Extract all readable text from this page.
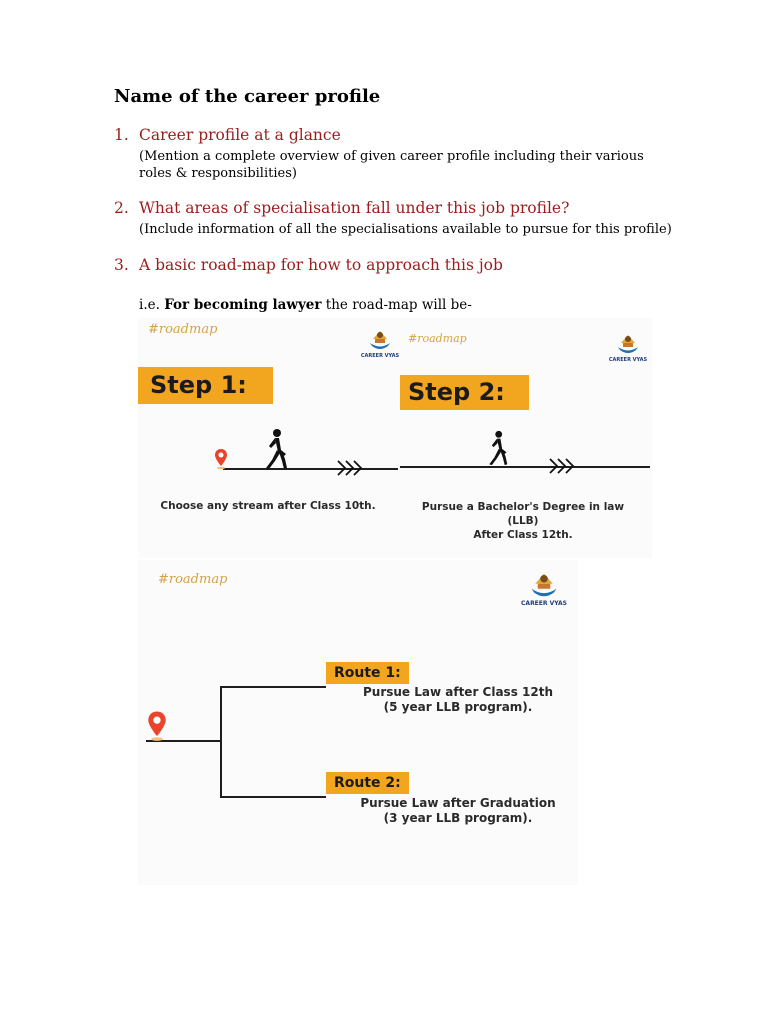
Name of the career profile
1. Career profile at a glance
(Mention a complete overview of given career profile including their various roles & responsibilities)
2. What areas of specialisation fall under this job profile?
(Include information of all the specialisations available to pursue for this profile)
3. A basic road-map for how to approach this job
i.e. For becoming lawyer the road-map will be-
#roadmap
#roadmap
CAREER VYAS
CAREER VYAS
Step 1:	Step 2:
Choose any stream after Class 10th.	Pursue a Bachelor's Degree in law (LLB)
After Class 12th.
#roadmap
CAREER VYAS
Route 1:
Pursue Law after Class 12th
(5 year LLB program).
Route 2:
Pursue Law after Graduation
(3 year LLB program).
